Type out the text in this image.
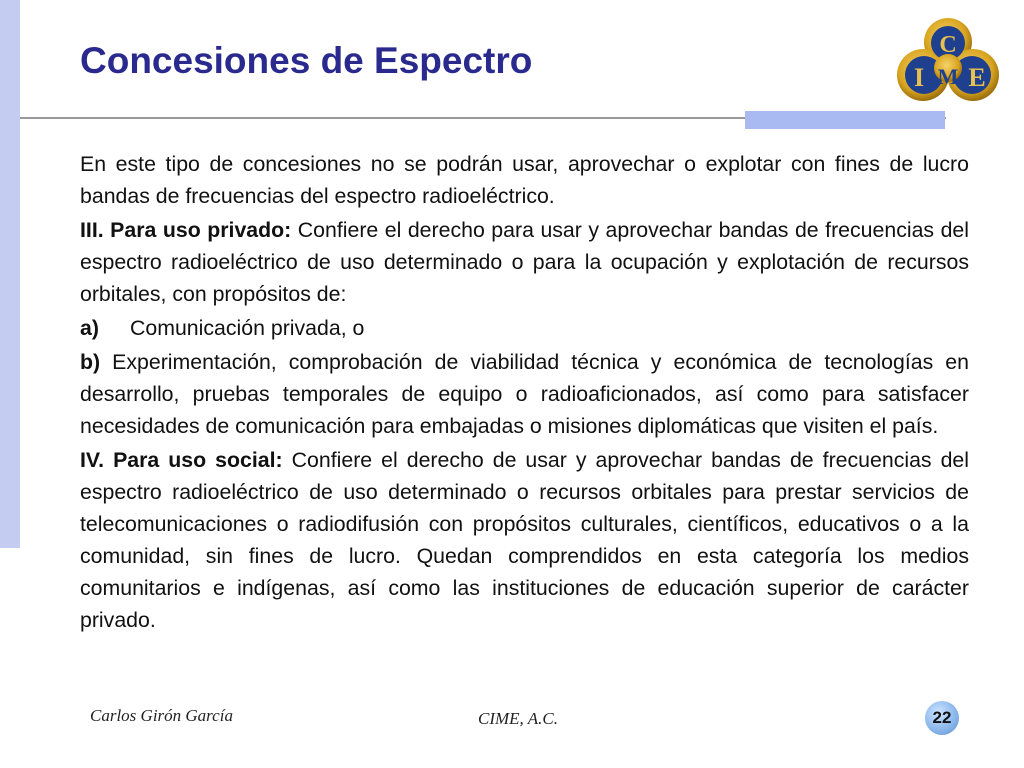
Concesiones de Espectro	C
I M E

En este tipo de concesiones no se podrán usar, aprovechar o explotar con fines de lucro bandas de frecuencias del espectro radioeléctrico.

III. Para uso privado: Confiere el derecho para usar y aprovechar bandas de frecuencias del espectro radioeléctrico de uso determinado o para la ocupación y explotación de recursos orbitales, con propósitos de:

a) Comunicación privada, o

b) Experimentación, comprobación de viabilidad técnica y económica de tecnologías en desarrollo, pruebas temporales de equipo o radioaficionados, así como para satisfacer necesidades de comunicación para embajadas o misiones diplomáticas que visiten el país.

IV. Para uso social: Confiere el derecho de usar y aprovechar bandas de frecuencias del espectro radioeléctrico de uso determinado o recursos orbitales para prestar servicios de telecomunicaciones o radiodifusión con propósitos culturales, científicos, educativos o a la comunidad, sin fines de lucro. Quedan comprendidos en esta categoría los medios comunitarios e indígenas, así como las instituciones de educación superior de carácter privado.

Carlos Girón García	CIME, A.C.	22
